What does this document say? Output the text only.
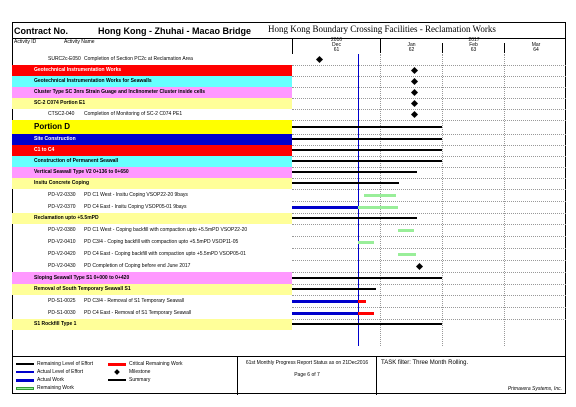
Contract No.	Hong Kong - Zhuhai - Macao Bridge Hong Kong Boundary Crossing Facilities - Reclamation Works
Activity ID	Activity Name	2016	2017
Dec	Jan	Feb	Mar
61	62	63	64
SURC2c-E050 Completion of Section PC2c at Reclamation Area
Geotechnical Instrumentation Works
Geotechnical Instrumentation Works for Seawalls
Cluster Type SC 3nrs Strain Guage and Inclinometer Cluster inside cells
SC-2 C074 Portion E1
CTSC2-040 Completion of Monitoring of SC-2 C074 PE1
Portion D
Site Construction
C1 to C4
Construction of Permanent Seawall
Vertical Seawall Type V2 0+136 to 0+650
Insitu Concrete Coping
PD-V2-0330 PD C1 West - Insitu Coping VSOP22-20 9bays
PD-V2-0370 PD C4 East - Insitu Coping VSOP05-01 9bays
Reclamation upto +5.5mPD
PD-V2-0380 PD C1 West - Coping backfill with compaction upto +5.5mPD VSOP22-20
PD-V2-0410 PD C3/4 - Coping backfill with compaction upto +5.5mPD VSOP11-05
PD-V2-0420 PD C4 East - Coping backfill with compaction upto +5.5mPD VSOP05-01
PD-V2-0430 PD Completion of Coping before end June 2017
Sloping Seawall Type S1 0+000 to 0+420
Removal of South Temporary Seawall S1
PD-S1-0025 PD C3/4 - Removal of S1 Temporary Seawall
PD-S1-0030 PD C4 East - Removal of S1 Temporary Seawall
S1 Rockfill Type 1
Remaining Level of Effort
Actual Level of Effort
Actual Work
Remaining Work
Critical Remaining Work
Milestone
Summary
61st Monthly Progress Report Status as on 21Dec2016
Page 6 of 7
TASK filter: Three Month Rolling.
Primavera Systems, Inc.
